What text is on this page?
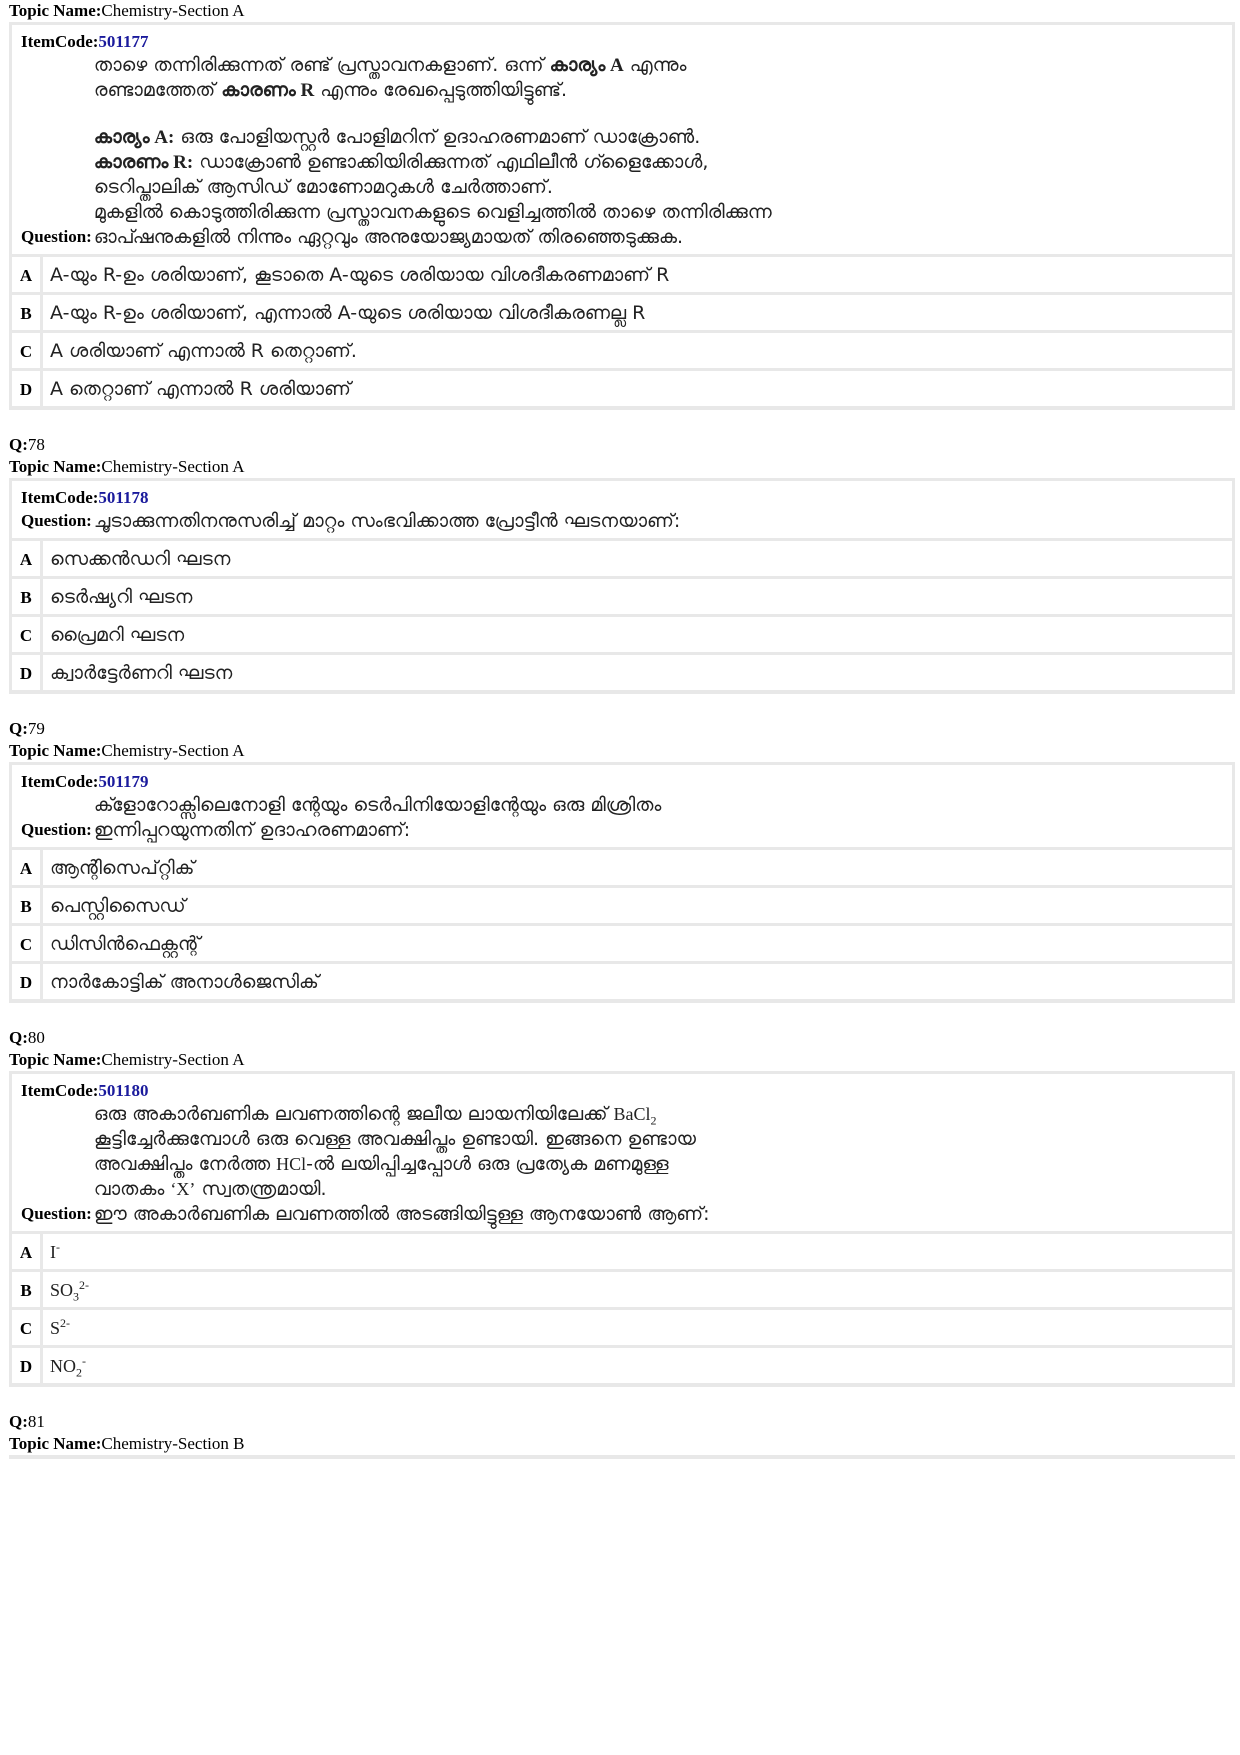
Topic Name:Chemistry-Section A
ItemCode:501177
Question:
താഴെ തന്നിരിക്കുന്നത് രണ്ട് പ്രസ്താവനകളാണ്. ഒന്ന് കാര്യം A എന്നും രണ്ടാമത്തേത് കാരണം R എന്നും രേഖപ്പെടുത്തിയിട്ടുണ്ട്.
കാര്യം A: ഒരു പോളിയസ്റ്റർ പോളിമറിന് ഉദാഹരണമാണ് ഡാക്രോൺ.
കാരണം R: ഡാക്രോൺ ഉണ്ടാക്കിയിരിക്കുന്നത് എഥിലീൻ ഗ്ളൈക്കോൾ, ടെറിപ്താലിക് ആസിഡ് മോണോമറുകൾ ചേർത്താണ്.
മുകളിൽ കൊടുത്തിരിക്കുന്ന പ്രസ്താവനകളുടെ വെളിച്ചത്തിൽ താഴെ തന്നിരിക്കുന്ന ഓപ്ഷനുകളിൽ നിന്നും ഏറ്റവും അനുയോജ്യമായത് തിരഞ്ഞെടുക്കുക.
A A-യും R-ഉം ശരിയാണ്, കൂടാതെ A-യുടെ ശരിയായ വിശദീകരണമാണ് R
B A-യും R-ഉം ശരിയാണ്, എന്നാൽ A-യുടെ ശരിയായ വിശദീകരണല്ല R
C A ശരിയാണ് എന്നാൽ R തെറ്റാണ്.
D A തെറ്റാണ് എന്നാൽ R ശരിയാണ്
Q:78
Topic Name:Chemistry-Section A
ItemCode:501178
Question: ചൂടാക്കുന്നതിനനുസരിച്ച് മാറ്റം സംഭവിക്കാത്ത പ്രോട്ടീൻ ഘടനയാണ്:
A സെക്കൻഡറി ഘടന
B ടെർഷ്യറി ഘടന
C പ്രൈമറി ഘടന
D ക്വാർട്ടേർണറി ഘടന
Q:79
Topic Name:Chemistry-Section A
ItemCode:501179
Question:
ക്ളോറോക്സിലെനോളി ന്റേയും ടെർപിനിയോളിന്റേയും ഒരു മിശ്രിതം ഇന്നിപ്പറയുന്നതിന് ഉദാഹരണമാണ്:
A ആന്റിസെപ്റ്റിക്
B പെസ്റ്റിസൈഡ്
C ഡിസിൻഫെക്റ്റന്റ്
D നാർകോട്ടിക് അനാൾജെസിക്
Q:80
Topic Name:Chemistry-Section A
ItemCode:501180
Question:
ഒരു അകാർബണിക ലവണത്തിന്റെ ജലീയ ലായനിയിലേക്ക് BaCl$_2$ കൂട്ടിച്ചേർക്കുമ്പോൾ ഒരു വെള്ള അവക്ഷിപ്തം ഉണ്ടായി. ഇങ്ങനെ ഉണ്ടായ അവക്ഷിപ്തം നേർത്ത HCl-ൽ ലയിപ്പിച്ചപ്പോൾ ഒരു പ്രത്യേക മണമുള്ള വാതകം ‘X’ സ്വതന്ത്രമായി.
ഈ അകാർബണിക ലവണത്തിൽ അടങ്ങിയിട്ടുള്ള ആനയോൺ ആണ്:
A I-
B	$SO_3^{2-}$
C $S^{2-}$
D $NO_2^-$
Q:81
Topic Name:Chemistry-Section B
